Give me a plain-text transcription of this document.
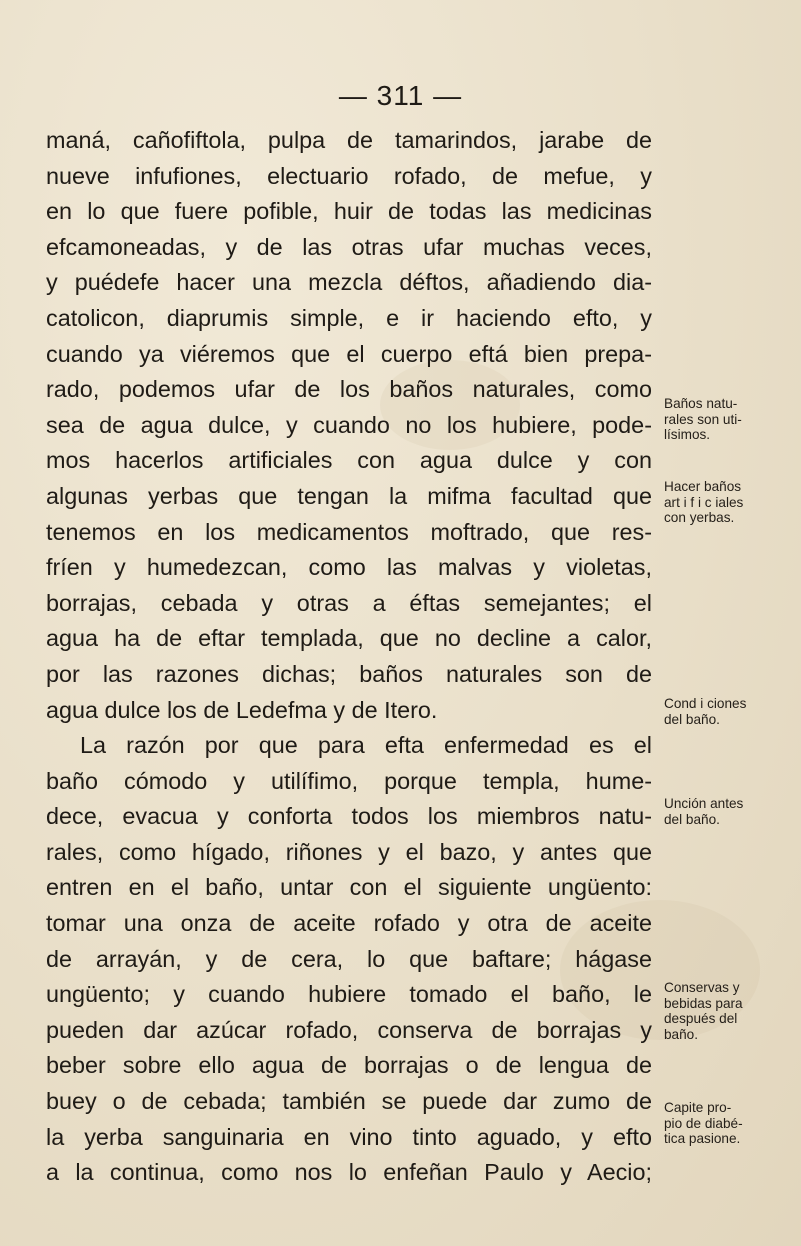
— 311 —
maná, cañofiftola, pulpa de tamarindos, jarabe de
nueve infufiones, electuario rofado, de mefue, y
en lo que fuere pofible, huir de todas las medicinas
efcamoneadas, y de las otras ufar muchas veces,
y puédefe hacer una mezcla déftos, añadiendo dia-
catolicon, diaprumis simple, e ir haciendo efto, y
cuando ya viéremos que el cuerpo eftá bien prepa-
rado, podemos ufar de los baños naturales, como
sea de agua dulce, y cuando no los hubiere, pode-
mos hacerlos artificiales con agua dulce y con
algunas yerbas que tengan la mifma facultad que
tenemos en los medicamentos moftrado, que res-
fríen y humedezcan, como las malvas y violetas,
borrajas, cebada y otras a éftas semejantes; el
agua ha de eftar templada, que no decline a calor,
por las razones dichas; baños naturales son de
agua dulce los de Ledefma y de Itero.
La razón por que para efta enfermedad es el
baño cómodo y utilífimo, porque templa, hume-
dece, evacua y conforta todos los miembros natu-
rales, como hígado, riñones y el bazo, y antes que
entren en el baño, untar con el siguiente ungüento:
tomar una onza de aceite rofado y otra de aceite
de arrayán, y de cera, lo que baftare; hágase
ungüento; y cuando hubiere tomado el baño, le
pueden dar azúcar rofado, conserva de borrajas y
beber sobre ello agua de borrajas o de lengua de
buey o de cebada; también se puede dar zumo de
la yerba sanguinaria en vino tinto aguado, y efto
a la continua, como nos lo enfeñan Paulo y Aecio;
Baños natu-
rales son uti-
lísimos.
Hacer baños
art i f i c iales
con yerbas.
Cond i ciones
del baño.
Unción antes
del baño.
Conservas y
bebidas para
después del
baño.
Capite pro-
pio de diabé-
tica pasione.
